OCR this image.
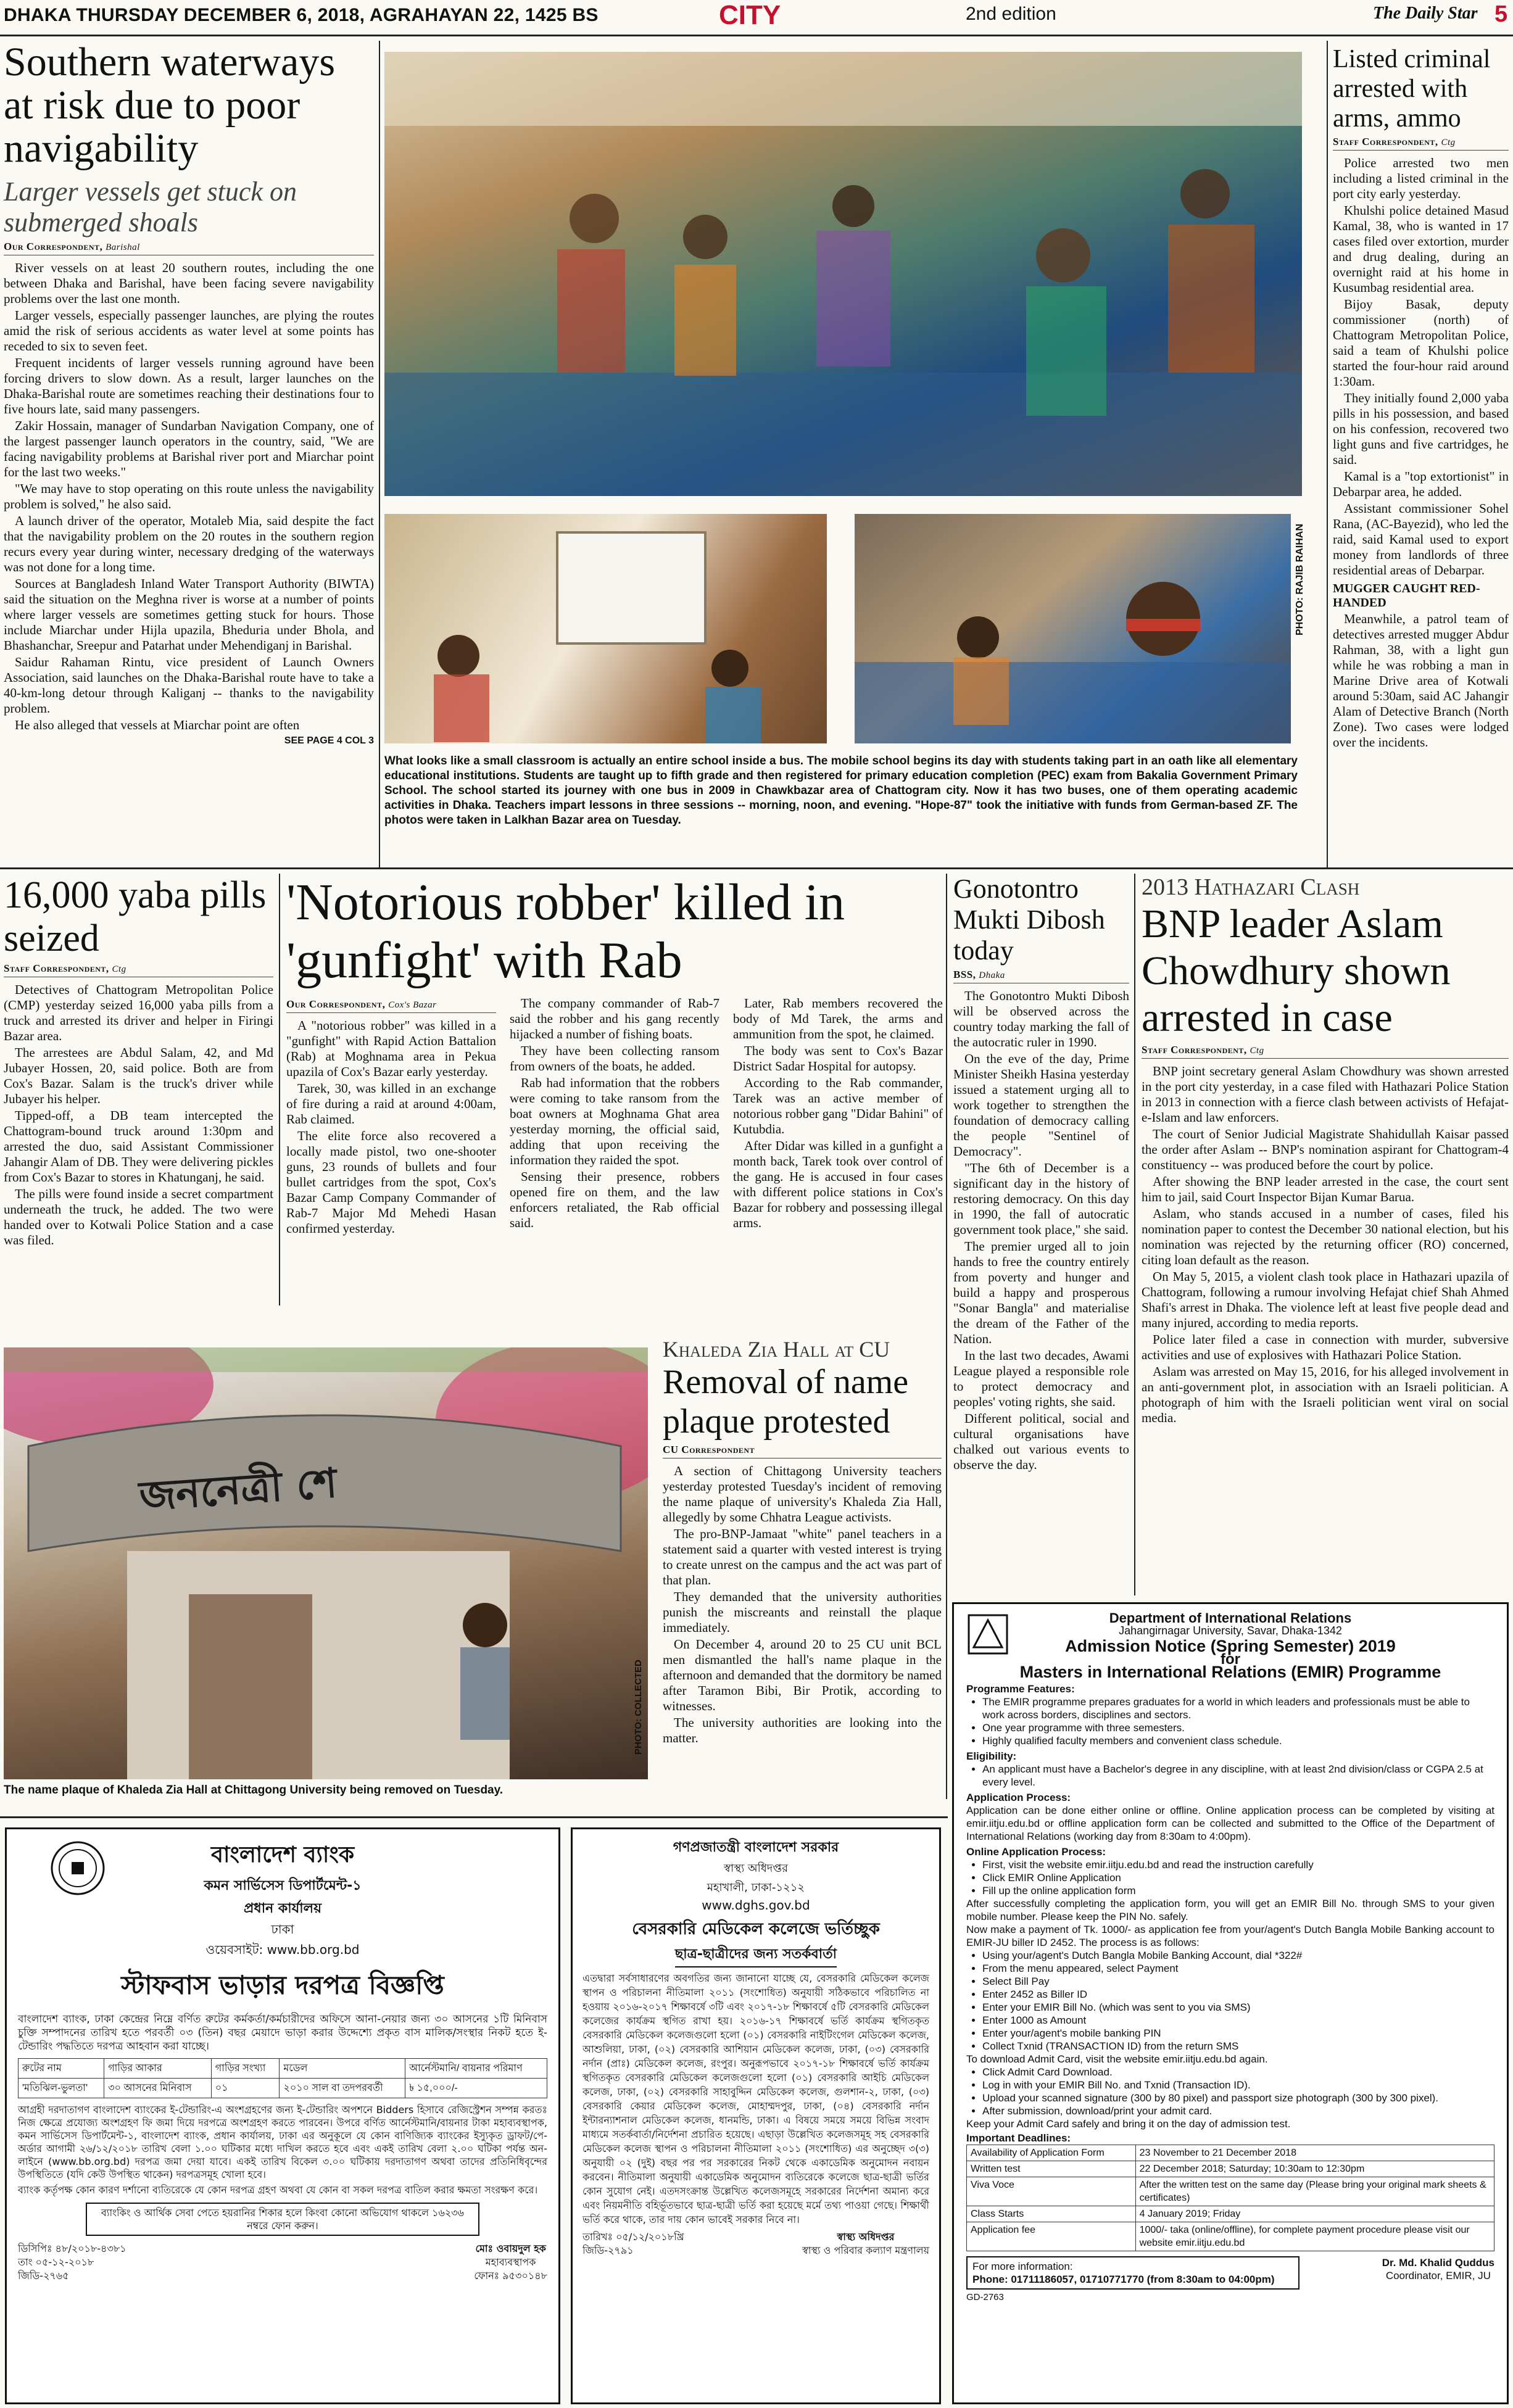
DHAKA THURSDAY DECEMBER 6, 2018, AGRAHAYAN 22, 1425 BS	CITY	2nd edition	The Daily Star 5
Southern waterways at risk due to poor navigability
Larger vessels get stuck on submerged shoals
Our Correspondent, Barishal

River vessels on at least 20 southern routes, including the one between Dhaka and Barishal, have been facing severe navigability problems over the last one month.

Larger vessels, especially passenger launches, are plying the routes amid the risk of serious accidents as water level at some points has receded to six to seven feet.

Frequent incidents of larger vessels running aground have been forcing drivers to slow down. As a result, larger launches on the Dhaka-Barishal route are sometimes reaching their destinations four to five hours late, said many passengers.

Zakir Hossain, manager of Sundarban Navigation Company, one of the largest passenger launch operators in the country, said, "We are facing navigability problems at Barishal river port and Miarchar point for the last two weeks."

"We may have to stop operating on this route unless the navigability problem is solved," he also said.

A launch driver of the operator, Motaleb Mia, said despite the fact that the navigability problem on the 20 routes in the southern region recurs every year during winter, necessary dredging of the waterways was not done for a long time.

Sources at Bangladesh Inland Water Transport Authority (BIWTA) said the situation on the Meghna river is worse at a number of points where larger vessels are sometimes getting stuck for hours. Those include Miarchar under Hijla upazila, Bheduria under Bhola, and Bhashanchar, Sreepur and Patarhat under Mehendiganj in Barishal.

Saidur Rahaman Rintu, vice president of Launch Owners Association, said launches on the Dhaka-Barishal route have to take a 40-km-long detour through Kaliganj -- thanks to the navigability problem.

He also alleged that vessels at Miarchar point are often

SEE PAGE 4 COL 3
PHOTO: RAJIB RAIHAN
What looks like a small classroom is actually an entire school inside a bus. The mobile school begins its day with students taking part in an oath like all elementary educational institutions. Students are taught up to fifth grade and then registered for primary education completion (PEC) exam from Bakalia Government Primary School. The school started its journey with one bus in 2009 in Chawkbazar area of Chattogram city. Now it has two buses, one of them operating academic activities in Dhaka. Teachers impart lessons in three sessions -- morning, noon, and evening. "Hope-87" took the initiative with funds from German-based ZF. The photos were taken in Lalkhan Bazar area on Tuesday.
Listed criminal arrested with arms, ammo
Staff Correspondent, Ctg

Police arrested two men including a listed criminal in the port city early yesterday.

Khulshi police detained Masud Kamal, 38, who is wanted in 17 cases filed over extortion, murder and drug dealing, during an overnight raid at his home in Kusumbag residential area.

Bijoy Basak, deputy commissioner (north) of Chattogram Metropolitan Police, said a team of Khulshi police started the four-hour raid around 1:30am.

They initially found 2,000 yaba pills in his possession, and based on his confession, recovered two light guns and five cartridges, he said.

Kamal is a "top extortionist" in Debarpar area, he added.

Assistant commissioner Sohel Rana, (AC-Bayezid), who led the raid, said Kamal used to export money from landlords of three residential areas of Debarpar.

MUGGER CAUGHT RED-HANDED

Meanwhile, a patrol team of detectives arrested mugger Abdur Rahman, 38, with a light gun while he was robbing a man in Marine Drive area of Kotwali around 5:30am, said AC Jahangir Alam of Detective Branch (North Zone). Two cases were lodged over the incidents.

16,000 yaba pills seized
Staff Correspondent, Ctg

Detectives of Chattogram Metropolitan Police (CMP) yesterday seized 16,000 yaba pills from a truck and arrested its driver and helper in Firingi Bazar area.

The arrestees are Abdul Salam, 42, and Md Jubayer Hossen, 20, said police. Both are from Cox's Bazar. Salam is the truck's driver while Jubayer his helper.

Tipped-off, a DB team intercepted the Chattogram-bound truck around 1:30pm and arrested the duo, said Assistant Commissioner Jahangir Alam of DB. They were delivering pickles from Cox's Bazar to stores in Khatunganj, he said.

The pills were found inside a secret compartment underneath the truck, he added. The two were handed over to Kotwali Police Station and a case was filed.

'Notorious robber' killed in 'gunfight' with Rab
Our Correspondent, Cox's Bazar

A "notorious robber" was killed in a "gunfight" with Rapid Action Battalion (Rab) at Moghnama area in Pekua upazila of Cox's Bazar early yesterday.

Tarek, 30, was killed in an exchange of fire during a raid at around 4:00am, Rab claimed.

The elite force also recovered a locally made pistol, two one-shooter guns, 23 rounds of bullets and four bullet cartridges from the spot, Cox's Bazar Camp Company Commander of Rab-7 Major Md Mehedi Hasan confirmed yesterday.

The company commander of Rab-7 said the robber and his gang recently hijacked a number of fishing boats.

They have been collecting ransom from owners of the boats, he added.

Rab had information that the robbers were coming to take ransom from the boat owners at Moghnama Ghat area yesterday morning, the official said, adding that upon receiving the information they raided the spot.

Sensing their presence, robbers opened fire on them, and the law enforcers retaliated, the Rab official said.

Later, Rab members recovered the body of Md Tarek, the arms and ammunition from the spot, he claimed.

The body was sent to Cox's Bazar District Sadar Hospital for autopsy.

According to the Rab commander, Tarek was an active member of notorious robber gang "Didar Bahini" of Kutubdia.

After Didar was killed in a gunfight a month back, Tarek took over control of the gang. He is accused in four cases with different police stations in Cox's Bazar for robbery and possessing illegal arms.

Gonotontro Mukti Dibosh today
BSS, Dhaka

The Gonotontro Mukti Dibosh will be observed across the country today marking the fall of the autocratic ruler in 1990.

On the eve of the day, Prime Minister Sheikh Hasina yesterday issued a statement urging all to work together to strengthen the foundation of democracy calling the people "Sentinel of Democracy".

"The 6th of December is a significant day in the history of restoring democracy. On this day in 1990, the fall of autocratic government took place," she said.

The premier urged all to join hands to free the country entirely from poverty and hunger and build a happy and prosperous "Sonar Bangla" and materialise the dream of the Father of the Nation.

In the last two decades, Awami League played a responsible role to protect democracy and peoples' voting rights, she said.

Different political, social and cultural organisations have chalked out various events to observe the day.

2013 Hathazari Clash
BNP leader Aslam Chowdhury shown arrested in case
Staff Correspondent, Ctg

BNP joint secretary general Aslam Chowdhury was shown arrested in the port city yesterday, in a case filed with Hathazari Police Station in 2013 in connection with a fierce clash between activists of Hefajat-e-Islam and law enforcers.

The court of Senior Judicial Magistrate Shahidullah Kaisar passed the order after Aslam -- BNP's nomination aspirant for Chattogram-4 constituency -- was produced before the court by police.

After showing the BNP leader arrested in the case, the court sent him to jail, said Court Inspector Bijan Kumar Barua.

Aslam, who stands accused in a number of cases, filed his nomination paper to contest the December 30 national election, but his nomination was rejected by the returning officer (RO) concerned, citing loan default as the reason.

On May 5, 2015, a violent clash took place in Hathazari upazila of Chattogram, following a rumour involving Hefajat chief Shah Ahmed Shafi's arrest in Dhaka. The violence left at least five people dead and many injured, according to media reports.

Police later filed a case in connection with murder, subversive activities and use of explosives with Hathazari Police Station.

Aslam was arrested on May 15, 2016, for his alleged involvement in an anti-government plot, in association with an Israeli politician. A photograph of him with the Israeli politician went viral on social media.

জননেত্রী শে
PHOTO: COLLECTED
The name plaque of Khaleda Zia Hall at Chittagong University being removed on Tuesday.
Khaleda Zia Hall at CU
Removal of name plaque protested
CU Correspondent

A section of Chittagong University teachers yesterday protested Tuesday's incident of removing the name plaque of university's Khaleda Zia Hall, allegedly by some Chhatra League activists.

The pro-BNP-Jamaat "white" panel teachers in a statement said a quarter with vested interest is trying to create unrest on the campus and the act was part of that plan.

They demanded that the university authorities punish the miscreants and reinstall the plaque immediately.

On December 4, around 20 to 25 CU unit BCL men dismantled the hall's name plaque in the afternoon and demanded that the dormitory be named after Taramon Bibi, Bir Protik, according to witnesses.

The university authorities are looking into the matter.

বাংলাদেশ ব্যাংক
কমন সার্ভিসেস ডিপার্টমেন্ট-১
প্রধান কার্যালয়
ঢাকা
ওয়েবসাইট: www.bb.org.bd
স্টাফবাস ভাড়ার দরপত্র বিজ্ঞপ্তি
বাংলাদেশ ব্যাংক, ঢাকা কেন্দ্রের নিম্নে বর্ণিত রুটের কর্মকর্তা/কর্মচারীদের অফিসে আনা-নেয়ার জন্য ৩০ আসনের ১টি মিনিবাস চুক্তি সম্পাদনের তারিখ হতে পরবর্তী ০৩ (তিন) বছর মেয়াদে ভাড়া করার উদ্দেশ্যে প্রকৃত বাস মালিক/সংস্থার নিকট হতে ই-টেন্ডারিং পদ্ধতিতে দরপত্র আহবান করা যাচ্ছে।
রুটের নাম	গাড়ির আকার	গাড়ির সংখ্যা	মডেল	আর্নেস্টমানি/ বায়নার পরিমাণ
'মতিঝিল-ভুলতা'	৩০ আসনের মিনিবাস	০১	২০১০ সাল বা তদপরবর্তী	৳ ১৫,০০০/-
আগ্রহী দরদাতাগণ বাংলাদেশ ব্যাংকের ই-টেন্ডারিং-এ অংশগ্রহণের জন্য ই-টেন্ডারিং অপশনে Bidders হিসাবে রেজিস্ট্রেশন সম্পন্ন করতঃ নিজ ক্ষেত্রে প্রযোজ্য অংশগ্রহণ ফি জমা দিয়ে দরপত্রে অংশগ্রহণ করতে পারবেন। উপরে বর্ণিত আর্নেস্টমানি/বায়নার টাকা মহাব্যবস্থাপক, কমন সার্ভিসেস ডিপার্টমেন্ট-১, বাংলাদেশ ব্যাংক, প্রধান কার্যালয়, ঢাকা এর অনুকূলে যে কোন বাণিজ্যিক ব্যাংকের ইস্যুকৃত ড্রাফট/পে-অর্ডার আগামী ২৬/১২/২০১৮ তারিখ বেলা ১.০০ ঘটিকার মধ্যে দাখিল করতে হবে এবং একই তারিখ বেলা ২.০০ ঘটিকা পর্যন্ত অন-লাইনে (www.bb.org.bd) দরপত্র জমা দেয়া যাবে। একই তারিখ বিকেল ৩.০০ ঘটিকায় দরদাতাগণ অথবা তাদের প্রতিনিধিবৃন্দের উপস্থিতিতে (যদি কেউ উপস্থিত থাকেন) দরপত্রসমূহ খোলা হবে।
ব্যাংক কর্তৃপক্ষ কোন কারণ দর্শানো ব্যতিরেকে যে কোন দরপত্র গ্রহণ অথবা যে কোন বা সকল দরপত্র বাতিল করার ক্ষমতা সংরক্ষণ করে।
ব্যাংকিং ও আর্থিক সেবা পেতে হয়রানির শিকার হলে কিংবা কোনো অভিযোগ থাকলে ১৬২৩৬ নম্বরে ফোন করুন।
ডিসিপিঃ ৪৮/২০১৮-৪৩৮১
তাং ০৫-১২-২০১৮
জিডি-২৭৬৫
মোঃ ওবায়দুল হক
মহাব্যবস্থাপক
ফোনঃ ৯৫৩০১৪৮
গণপ্রজাতন্ত্রী বাংলাদেশ সরকার
স্বাস্থ্য অধিদপ্তর
মহাখালী, ঢাকা-১২১২
www.dghs.gov.bd
বেসরকারি মেডিকেল কলেজে ভর্তিচ্ছুক
ছাত্র-ছাত্রীদের জন্য সতর্কবার্তা
এতদ্বারা সর্বসাধারণের অবগতির জন্য জানানো যাচ্ছে যে, বেসরকারি মেডিকেল কলেজ স্থাপন ও পরিচালনা নীতিমালা ২০১১ (সংশোধিত) অনুযায়ী সঠিকভাবে পরিচালিত না হওয়ায় ২০১৬-২০১৭ শিক্ষাবর্ষে ৩টি এবং ২০১৭-১৮ শিক্ষাবর্ষে ৫টি বেসরকারি মেডিকেল কলেজের কার্যক্রম স্থগিত রাখা হয়। ২০১৬-১৭ শিক্ষাবর্ষে ভর্তি কার্যক্রম স্থগিতকৃত বেসরকারি মেডিকেল কলেজগুলো হলো (০১) বেসরকারি নাইটিংগেল মেডিকেল কলেজ, আশুলিয়া, ঢাকা, (০২) বেসরকারি আশিয়ান মেডিকেল কলেজ, ঢাকা, (০৩) বেসরকারি নর্দান (প্রাঃ) মেডিকেল কলেজ, রংপুর। অনুরূপভাবে ২০১৭-১৮ শিক্ষাবর্ষে ভর্তি কার্যক্রম স্থগিতকৃত বেসরকারি মেডিকেল কলেজগুলো হলো (০১) বেসরকারি আইচি মেডিকেল কলেজ, ঢাকা, (০২) বেসরকারি সাহাবুদ্দিন মেডিকেল কলেজ, গুলশান-২, ঢাকা, (০৩) বেসরকারি কেয়ার মেডিকেল কলেজ, মোহাম্মদপুর, ঢাকা, (০৪) বেসরকারি নর্দান ইন্টারন্যাশনাল মেডিকেল কলেজ, ধানমন্ডি, ঢাকা। এ বিষয়ে সময়ে সময়ে বিভিন্ন সংবাদ মাধ্যমে সতর্কবার্তা/নির্দেশনা প্রচারিত হয়েছে। এছাড়া উল্লেখিত কলেজসমূহ সহ বেসরকারি মেডিকেল কলেজ স্থাপন ও পরিচালনা নীতিমালা ২০১১ (সংশোধিত) এর অনুচ্ছেদ ৩(৩) অনুযায়ী ০২ (দুই) বছর পর পর সরকারের নিকট থেকে একাডেমিক অনুমোদন নবায়ন করবেন। নীতিমালা অনুযায়ী একাডেমিক অনুমোদন ব্যতিরেকে কলেজে ছাত্র-ছাত্রী ভর্তির কোন সুযোগ নেই। এতদসংক্রান্ত উল্লেখিত কলেজসমূহে সরকারের নির্দেশনা অমান্য করে এবং নিয়মনীতি বহির্ভূতভাবে ছাত্র-ছাত্রী ভর্তি করা হয়েছে মর্মে তথ্য পাওয়া গেছে। শিক্ষার্থী ভর্তি করে থাকে, তার দায় কোন ভাবেই সরকার নিবে না।
তারিখঃ ০৫/১২/২০১৮খ্রি
জিডি-২৭৯১
স্বাস্থ্য অধিদপ্তর
স্বাস্থ্য ও পরিবার কল্যাণ মন্ত্রণালয়
Department of International Relations
Jahangirnagar University, Savar, Dhaka-1342
Admission Notice (Spring Semester) 2019
for
Masters in International Relations (EMIR) Programme
Programme Features:
• The EMIR programme prepares graduates for a world in which leaders and professionals must be able to work across borders, disciplines and sectors.
• One year programme with three semesters.
• Highly qualified faculty members and convenient class schedule.
Eligibility:
• An applicant must have a Bachelor's degree in any discipline, with at least 2nd division/class or CGPA 2.5 at every level.
Application Process:
Application can be done either online or offline. Online application process can be completed by visiting at emir.iitju.edu.bd or offline application form can be collected and submitted to the Office of the Department of International Relations (working day from 8:30am to 4:00pm).
Online Application Process:
• First, visit the website emir.iitju.edu.bd and read the instruction carefully
• Click EMIR Online Application
• Fill up the online application form
After successfully completing the application form, you will get an EMIR Bill No. through SMS to your given mobile number. Please keep the PIN No. safely.
Now make a payment of Tk. 1000/- as application fee from your/agent's Dutch Bangla Mobile Banking account to EMIR-JU biller ID 2452. The process is as follows:
• Using your/agent's Dutch Bangla Mobile Banking Account, dial *322#
• From the menu appeared, select Payment
• Select Bill Pay
• Enter 2452 as Biller ID
• Enter your EMIR Bill No. (which was sent to you via SMS)
• Enter 1000 as Amount
• Enter your/agent's mobile banking PIN
• Collect Txnid (TRANSACTION ID) from the return SMS
To download Admit Card, visit the website emir.iitju.edu.bd again.
• Click Admit Card Download.
• Log in with your EMIR Bill No. and Txnid (Transaction ID).
• Upload your scanned signature (300 by 80 pixel) and passport size photograph (300 by 300 pixel).
• After submission, download/print your admit card.
Keep your Admit Card safely and bring it on the day of admission test.
Important Deadlines:
Availability of Application Form	23 November to 21 December 2018
Written test	22 December 2018; Saturday; 10:30am to 12:30pm
Viva Voce	After the written test on the same day (Please bring your original mark sheets & certificates)
Class Starts	4 January 2019; Friday
Application fee	1000/- taka (online/offline), for complete payment procedure please visit our website emir.iitju.edu.bd
For more information:
Phone: 01711186057, 01710771770 (from 8:30am to 04:00pm)
Dr. Md. Khalid Quddus
Coordinator, EMIR, JU
GD-2763
